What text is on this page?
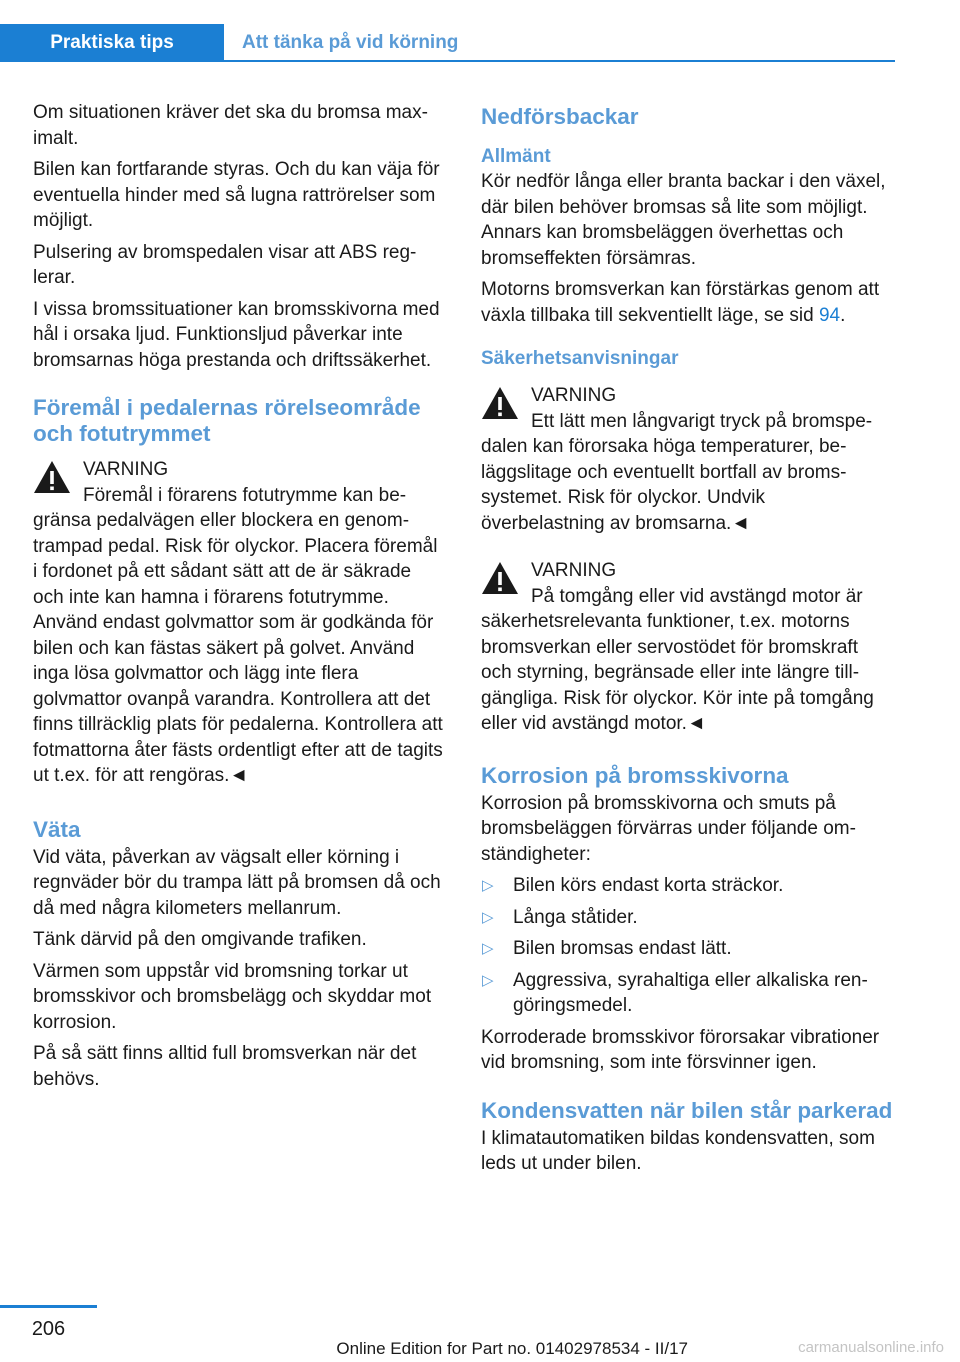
Praktiska tips	Att tänka på vid körning

Om situationen kräver det ska du bromsa maximalt.

Bilen kan fortfarande styras. Och du kan väja för eventuella hinder med så lugna rattrörelser som möjligt.

Pulsering av bromspedalen visar att ABS reglerar.

I vissa bromssituationer kan bromsskivorna med hål i orsaka ljud. Funktionsljud påverkar inte bromsarnas höga prestanda och driftssäkerhet.

Föremål i pedalernas rörelseområde och fotutrymmet
VARNING
Föremål i förarens fotutrymme kan begränsa pedalvägen eller blockera en genomtrampad pedal. Risk för olyckor. Placera föremål i fordonet på ett sådant sätt att de är säkrade och inte kan hamna i förarens fotutrymme. Använd endast golvmattor som är godkända för bilen och kan fästas säkert på golvet. Använd inga lösa golvmattor och lägg inte flera golvmattor ovanpå varandra. Kontrollera att det finns tillräcklig plats för pedalerna. Kontrollera att fotmattorna åter fästs ordentligt efter att de tagits ut t.ex. för att rengöras.◄
Väta

Vid väta, påverkan av vägsalt eller körning i regnväder bör du trampa lätt på bromsen då och då med några kilometers mellanrum.

Tänk därvid på den omgivande trafiken.

Värmen som uppstår vid bromsning torkar ut bromsskivor och bromsbelägg och skyddar mot korrosion.

På så sätt finns alltid full bromsverkan när det behövs.

Nedförsbackar
Allmänt

Kör nedför långa eller branta backar i den växel, där bilen behöver bromsas så lite som möjligt. Annars kan bromsbeläggen överhettas och bromseffekten försämras.

Motorns bromsverkan kan förstärkas genom att växla tillbaka till sekventiellt läge, se sid 94.

Säkerhetsanvisningar
VARNING
Ett lätt men långvarigt tryck på bromspedalen kan förorsaka höga temperaturer, beläggslitage och eventuellt bortfall av bromssystemet. Risk för olyckor. Undvik överbelastning av bromsarna.◄
VARNING
På tomgång eller vid avstängd motor är säkerhetsrelevanta funktioner, t.ex. motorns bromsverkan eller servostödet för bromskraft och styrning, begränsade eller inte längre tillgängliga. Risk för olyckor. Kör inte på tomgång eller vid avstängd motor.◄
Korrosion på bromsskivorna

Korrosion på bromsskivorna och smuts på bromsbeläggen förvärras under följande omständigheter:

▷ Bilen körs endast korta sträckor.
▷ Långa ståtider.
▷ Bilen bromsas endast lätt.
▷ Aggressiva, syrahaltiga eller alkaliska rengöringsmedel.

Korroderade bromsskivor förorsakar vibrationer vid bromsning, som inte försvinner igen.

Kondensvatten när bilen står parkerad

I klimatautomatiken bildas kondensvatten, som leds ut under bilen.

206
Online Edition for Part no. 01402978534 - II/17	carmanualsonline.info
